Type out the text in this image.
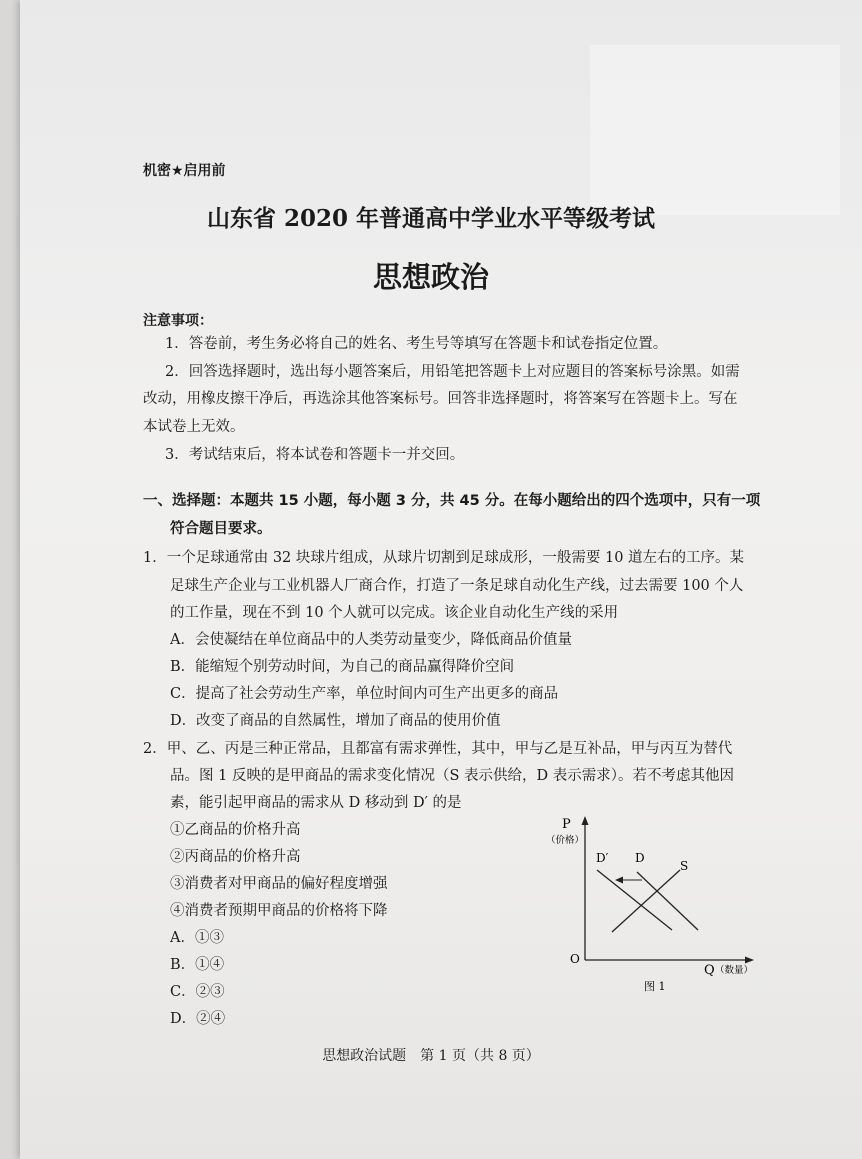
机密★启用前
山东省 2020 年普通高中学业水平等级考试
思想政治
注意事项：
1．答卷前，考生务必将自己的姓名、考生号等填写在答题卡和试卷指定位置。
2．回答选择题时，选出每小题答案后，用铅笔把答题卡上对应题目的答案标号涂黑。如需
改动，用橡皮擦干净后，再选涂其他答案标号。回答非选择题时，将答案写在答题卡上。写在
本试卷上无效。
3．考试结束后，将本试卷和答题卡一并交回。
一、选择题：本题共 15 小题，每小题 3 分，共 45 分。在每小题给出的四个选项中，只有一项
符合题目要求。
1．一个足球通常由 32 块球片组成，从球片切割到足球成形，一般需要 10 道左右的工序。某
足球生产企业与工业机器人厂商合作，打造了一条足球自动化生产线，过去需要 100 个人
的工作量，现在不到 10 个人就可以完成。该企业自动化生产线的采用
A．会使凝结在单位商品中的人类劳动量变少，降低商品价值量
B．能缩短个别劳动时间，为自己的商品赢得降价空间
C．提高了社会劳动生产率，单位时间内可生产出更多的商品
D．改变了商品的自然属性，增加了商品的使用价值
2．甲、乙、丙是三种正常品，且都富有需求弹性，其中，甲与乙是互补品，甲与丙互为替代
品。图 1 反映的是甲商品的需求变化情况（S 表示供给，D 表示需求）。若不考虑其他因
素，能引起甲商品的需求从 D 移动到 D′ 的是
①乙商品的价格升高
②丙商品的价格升高
③消费者对甲商品的偏好程度增强
④消费者预期甲商品的价格将下降
A．①③
B．①④
C．②③
D．②④
P
（价格）
O
Q （数量）
D′ D
S
图 1
思想政治试题　第 1 页（共 8 页）
